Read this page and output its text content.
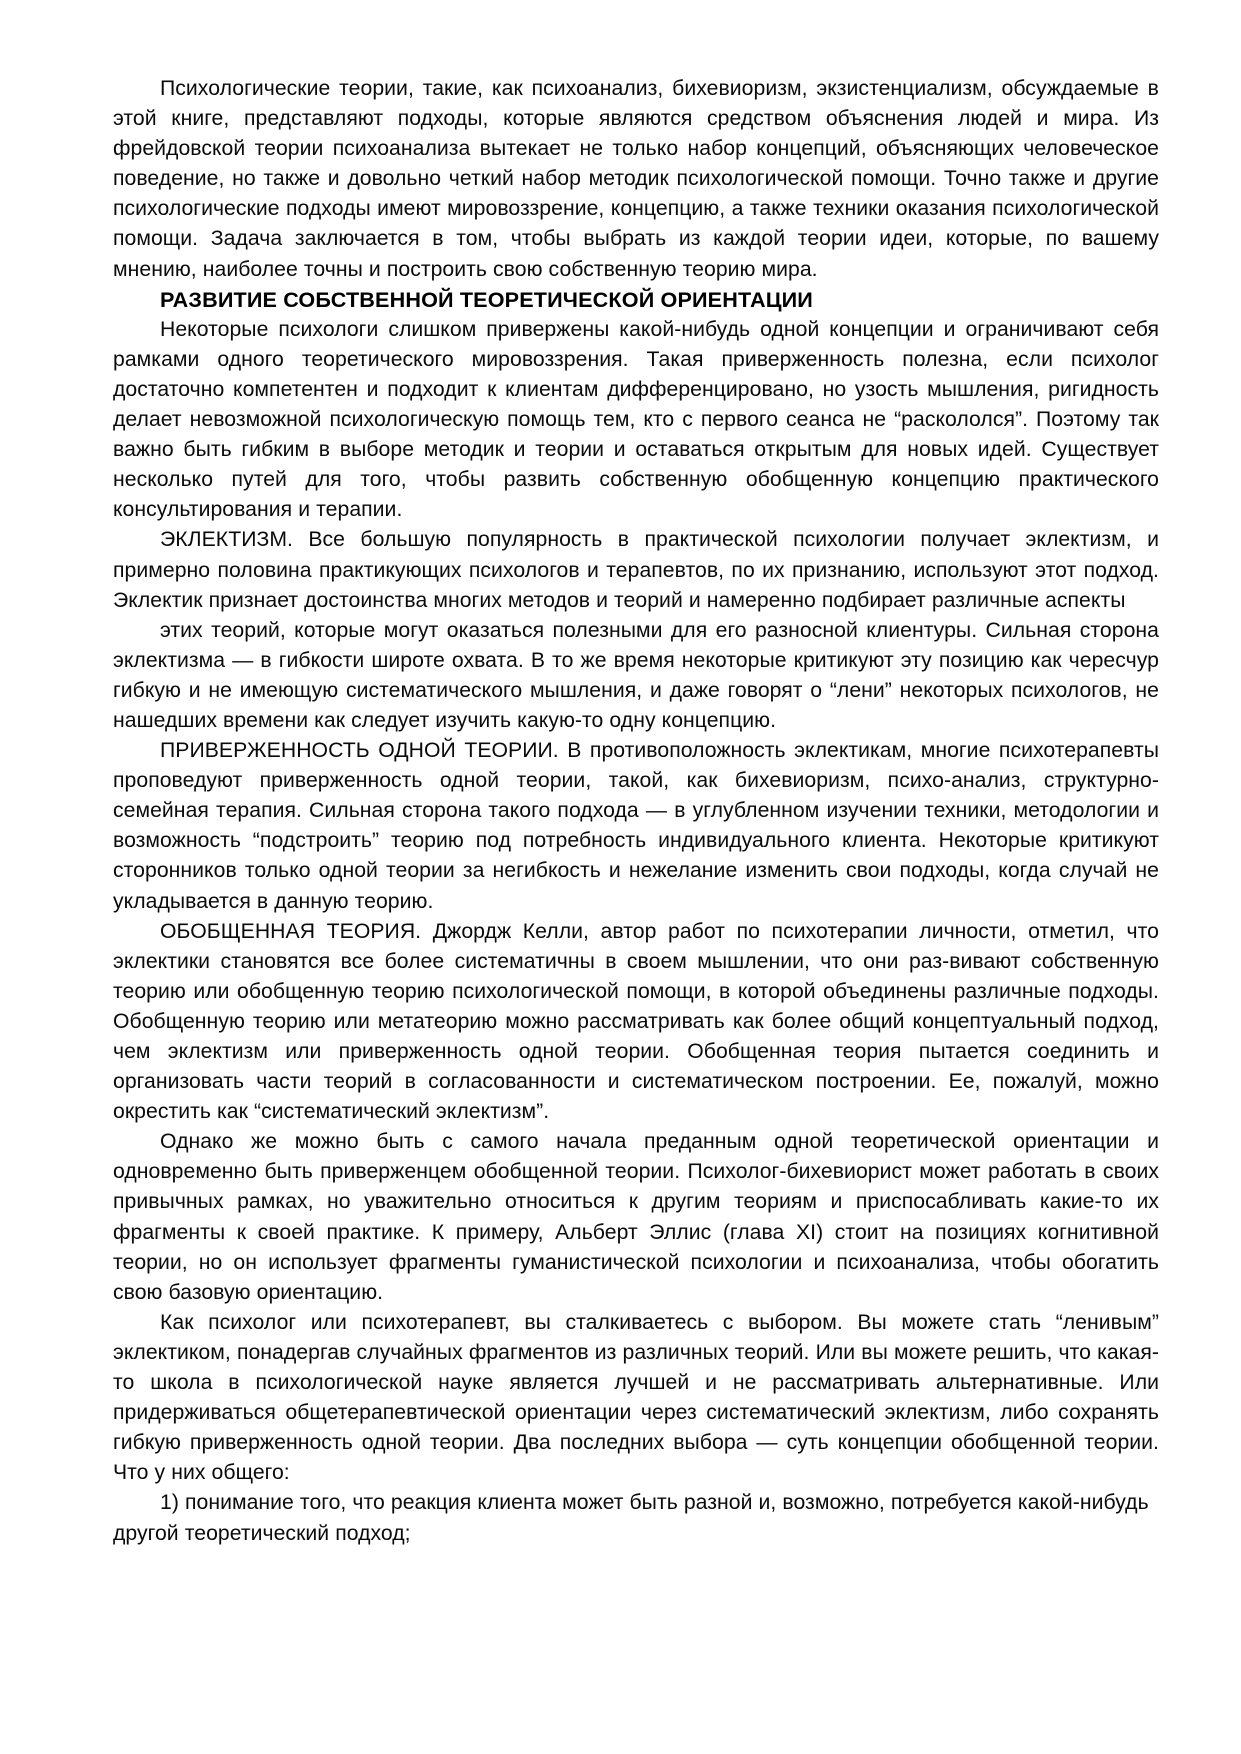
Психологические теории, такие, как психоанализ, бихевиоризм, экзистенциализм, обсуждаемые в этой книге, представляют подходы, которые являются средством объяснения людей и мира. Из фрейдовской теории психоанализа вытекает не только набор концепций, объясняющих человеческое поведение, но также и довольно четкий набор методик психологической помощи. Точно также и другие психологические подходы имеют мировоззрение, концепцию, а также техники оказания психологической помощи. Задача заключается в том, чтобы выбрать из каждой теории идеи, которые, по вашему мнению, наиболее точны и построить свою собственную теорию мира.

РАЗВИТИЕ СОБСТВЕННОЙ ТЕОРЕТИЧЕСКОЙ ОРИЕНТАЦИИ

Некоторые психологи слишком привержены какой-нибудь одной концепции и ограничивают себя рамками одного теоретического мировоззрения. Такая приверженность полезна, если психолог достаточно компетентен и подходит к клиентам дифференцировано, но узость мышления, ригидность делает невозможной психологическую помощь тем, кто с первого сеанса не “раскололся”. Поэтому так важно быть гибким в выборе методик и теории и оставаться открытым для новых идей. Существует несколько путей для того, чтобы развить собственную обобщенную концепцию практического консультирования и терапии.

ЭКЛЕКТИЗМ. Все большую популярность в практической психологии получает эклектизм, и примерно половина практикующих психологов и терапевтов, по их признанию, используют этот подход. Эклектик признает достоинства многих методов и теорий и намеренно подбирает различные аспекты

этих теорий, которые могут оказаться полезными для его разносной клиентуры. Сильная сторона эклектизма — в гибкости широте охвата. В то же время некоторые критикуют эту позицию как чересчур гибкую и не имеющую систематического мышления, и даже говорят о “лени” некоторых психологов, не нашедших времени как следует изучить какую-то одну концепцию.

ПРИВЕРЖЕННОСТЬ ОДНОЙ ТЕОРИИ. В противоположность эклектикам, многие психотерапевты проповедуют приверженность одной теории, такой, как бихевиоризм, психо-анализ, структурно-семейная терапия. Сильная сторона такого подхода — в углубленном изучении техники, методологии и возможность “подстроить” теорию под потребность индивидуального клиента. Некоторые критикуют сторонников только одной теории за негибкость и нежелание изменить свои подходы, когда случай не укладывается в данную теорию.

ОБОБЩЕННАЯ ТЕОРИЯ. Джордж Келли, автор работ по психотерапии личности, отметил, что эклектики становятся все более систематичны в своем мышлении, что они раз-вивают собственную теорию или обобщенную теорию психологической помощи, в которой объединены различные подходы. Обобщенную теорию или метатеорию можно рассматривать как более общий концептуальный подход, чем эклектизм или приверженность одной теории. Обобщенная теория пытается соединить и организовать части теорий в согласованности и систематическом построении. Ее, пожалуй, можно окрестить как “систематический эклектизм”.

Однако же можно быть с самого начала преданным одной теоретической ориентации и одновременно быть приверженцем обобщенной теории. Психолог-бихевиорист может работать в своих привычных рамках, но уважительно относиться к другим теориям и приспосабливать какие-то их фрагменты к своей практике. К примеру, Альберт Эллис (глава XI) стоит на позициях когнитивной теории, но он использует фрагменты гуманистической психологии и психоанализа, чтобы обогатить свою базовую ориентацию.

Как психолог или психотерапевт, вы сталкиваетесь с выбором. Вы можете стать “ленивым” эклектиком, понадергав случайных фрагментов из различных теорий. Или вы можете решить, что какая-то школа в психологической науке является лучшей и не рассматривать альтернативные. Или придерживаться общетерапевтической ориентации через систематический эклектизм, либо сохранять гибкую приверженность одной теории. Два последних выбора — суть концепции обобщенной теории. Что у них общего:

1) понимание того, что реакция клиента может быть разной и, возможно, потребуется какой-нибудь другой теоретический подход;
